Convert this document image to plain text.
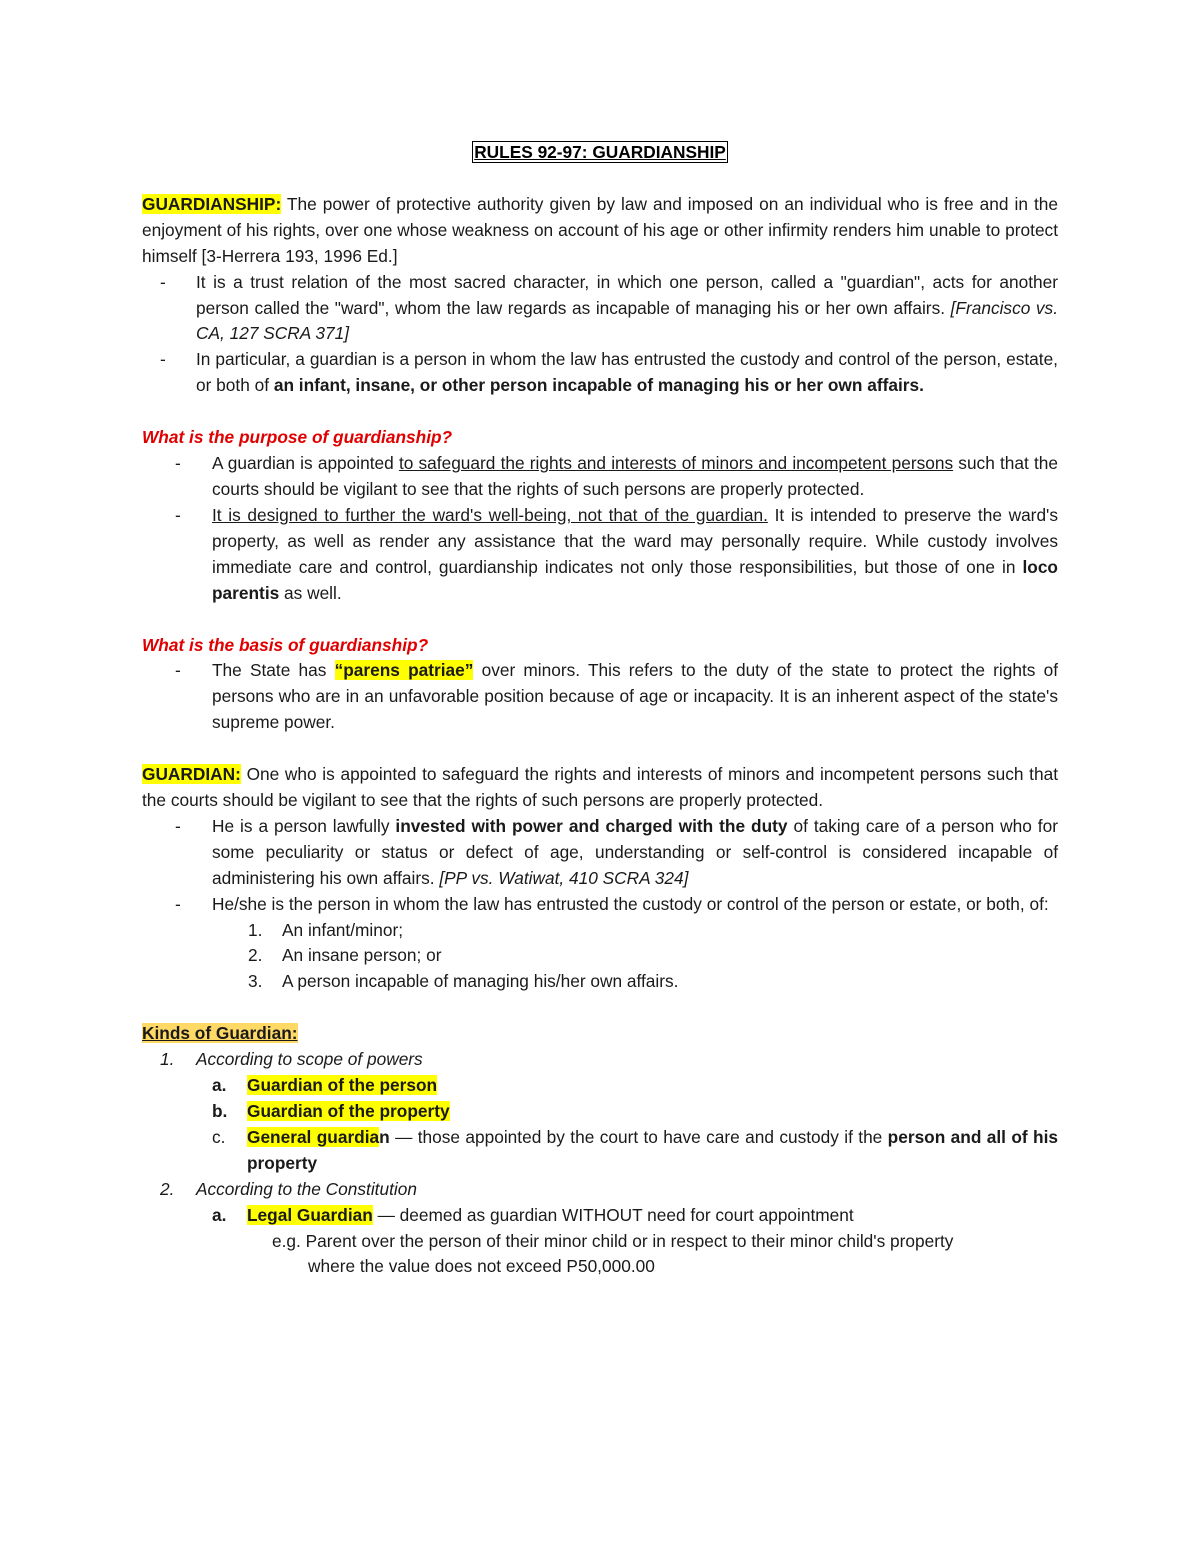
RULES 92-97: GUARDIANSHIP
GUARDIANSHIP: The power of protective authority given by law and imposed on an individual who is free and in the enjoyment of his rights, over one whose weakness on account of his age or other infirmity renders him unable to protect himself [3-Herrera 193, 1996 Ed.]
- It is a trust relation of the most sacred character, in which one person, called a "guardian", acts for another person called the "ward", whom the law regards as incapable of managing his or her own affairs. [Francisco vs. CA, 127 SCRA 371]
- In particular, a guardian is a person in whom the law has entrusted the custody and control of the person, estate, or both of an infant, insane, or other person incapable of managing his or her own affairs.
What is the purpose of guardianship?
- A guardian is appointed to safeguard the rights and interests of minors and incompetent persons such that the courts should be vigilant to see that the rights of such persons are properly protected.
- It is designed to further the ward's well-being, not that of the guardian. It is intended to preserve the ward's property, as well as render any assistance that the ward may personally require. While custody involves immediate care and control, guardianship indicates not only those responsibilities, but those of one in loco parentis as well.
What is the basis of guardianship?
- The State has “parens patriae” over minors. This refers to the duty of the state to protect the rights of persons who are in an unfavorable position because of age or incapacity. It is an inherent aspect of the state's supreme power.
GUARDIAN: One who is appointed to safeguard the rights and interests of minors and incompetent persons such that the courts should be vigilant to see that the rights of such persons are properly protected.
- He is a person lawfully invested with power and charged with the duty of taking care of a person who for some peculiarity or status or defect of age, understanding or self-control is considered incapable of administering his own affairs. [PP vs. Watiwat, 410 SCRA 324]
- He/she is the person in whom the law has entrusted the custody or control of the person or estate, or both, of:
1. An infant/minor;
2. An insane person; or
3. A person incapable of managing his/her own affairs.
Kinds of Guardian:
1. According to scope of powers
a. Guardian of the person
b. Guardian of the property
c. General guardian — those appointed by the court to have care and custody if the person and all of his property
2. According to the Constitution
a. Legal Guardian — deemed as guardian WITHOUT need for court appointment
e.g. Parent over the person of their minor child or in respect to their minor child's property
where the value does not exceed P50,000.00
